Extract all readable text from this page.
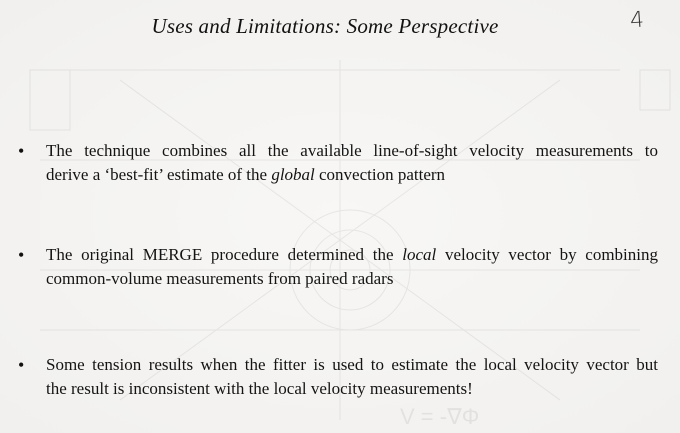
V = -∇Φ
Uses and Limitations: Some Perspective	4
• The technique combines all the available line-of-sight velocity measurements to
derive a ‘best-fit’ estimate of the global convection pattern
• The original MERGE procedure determined the local velocity vector by combining
common-volume measurements from paired radars
• Some tension results when the fitter is used to estimate the local velocity vector but
the result is inconsistent with the local velocity measurements!
